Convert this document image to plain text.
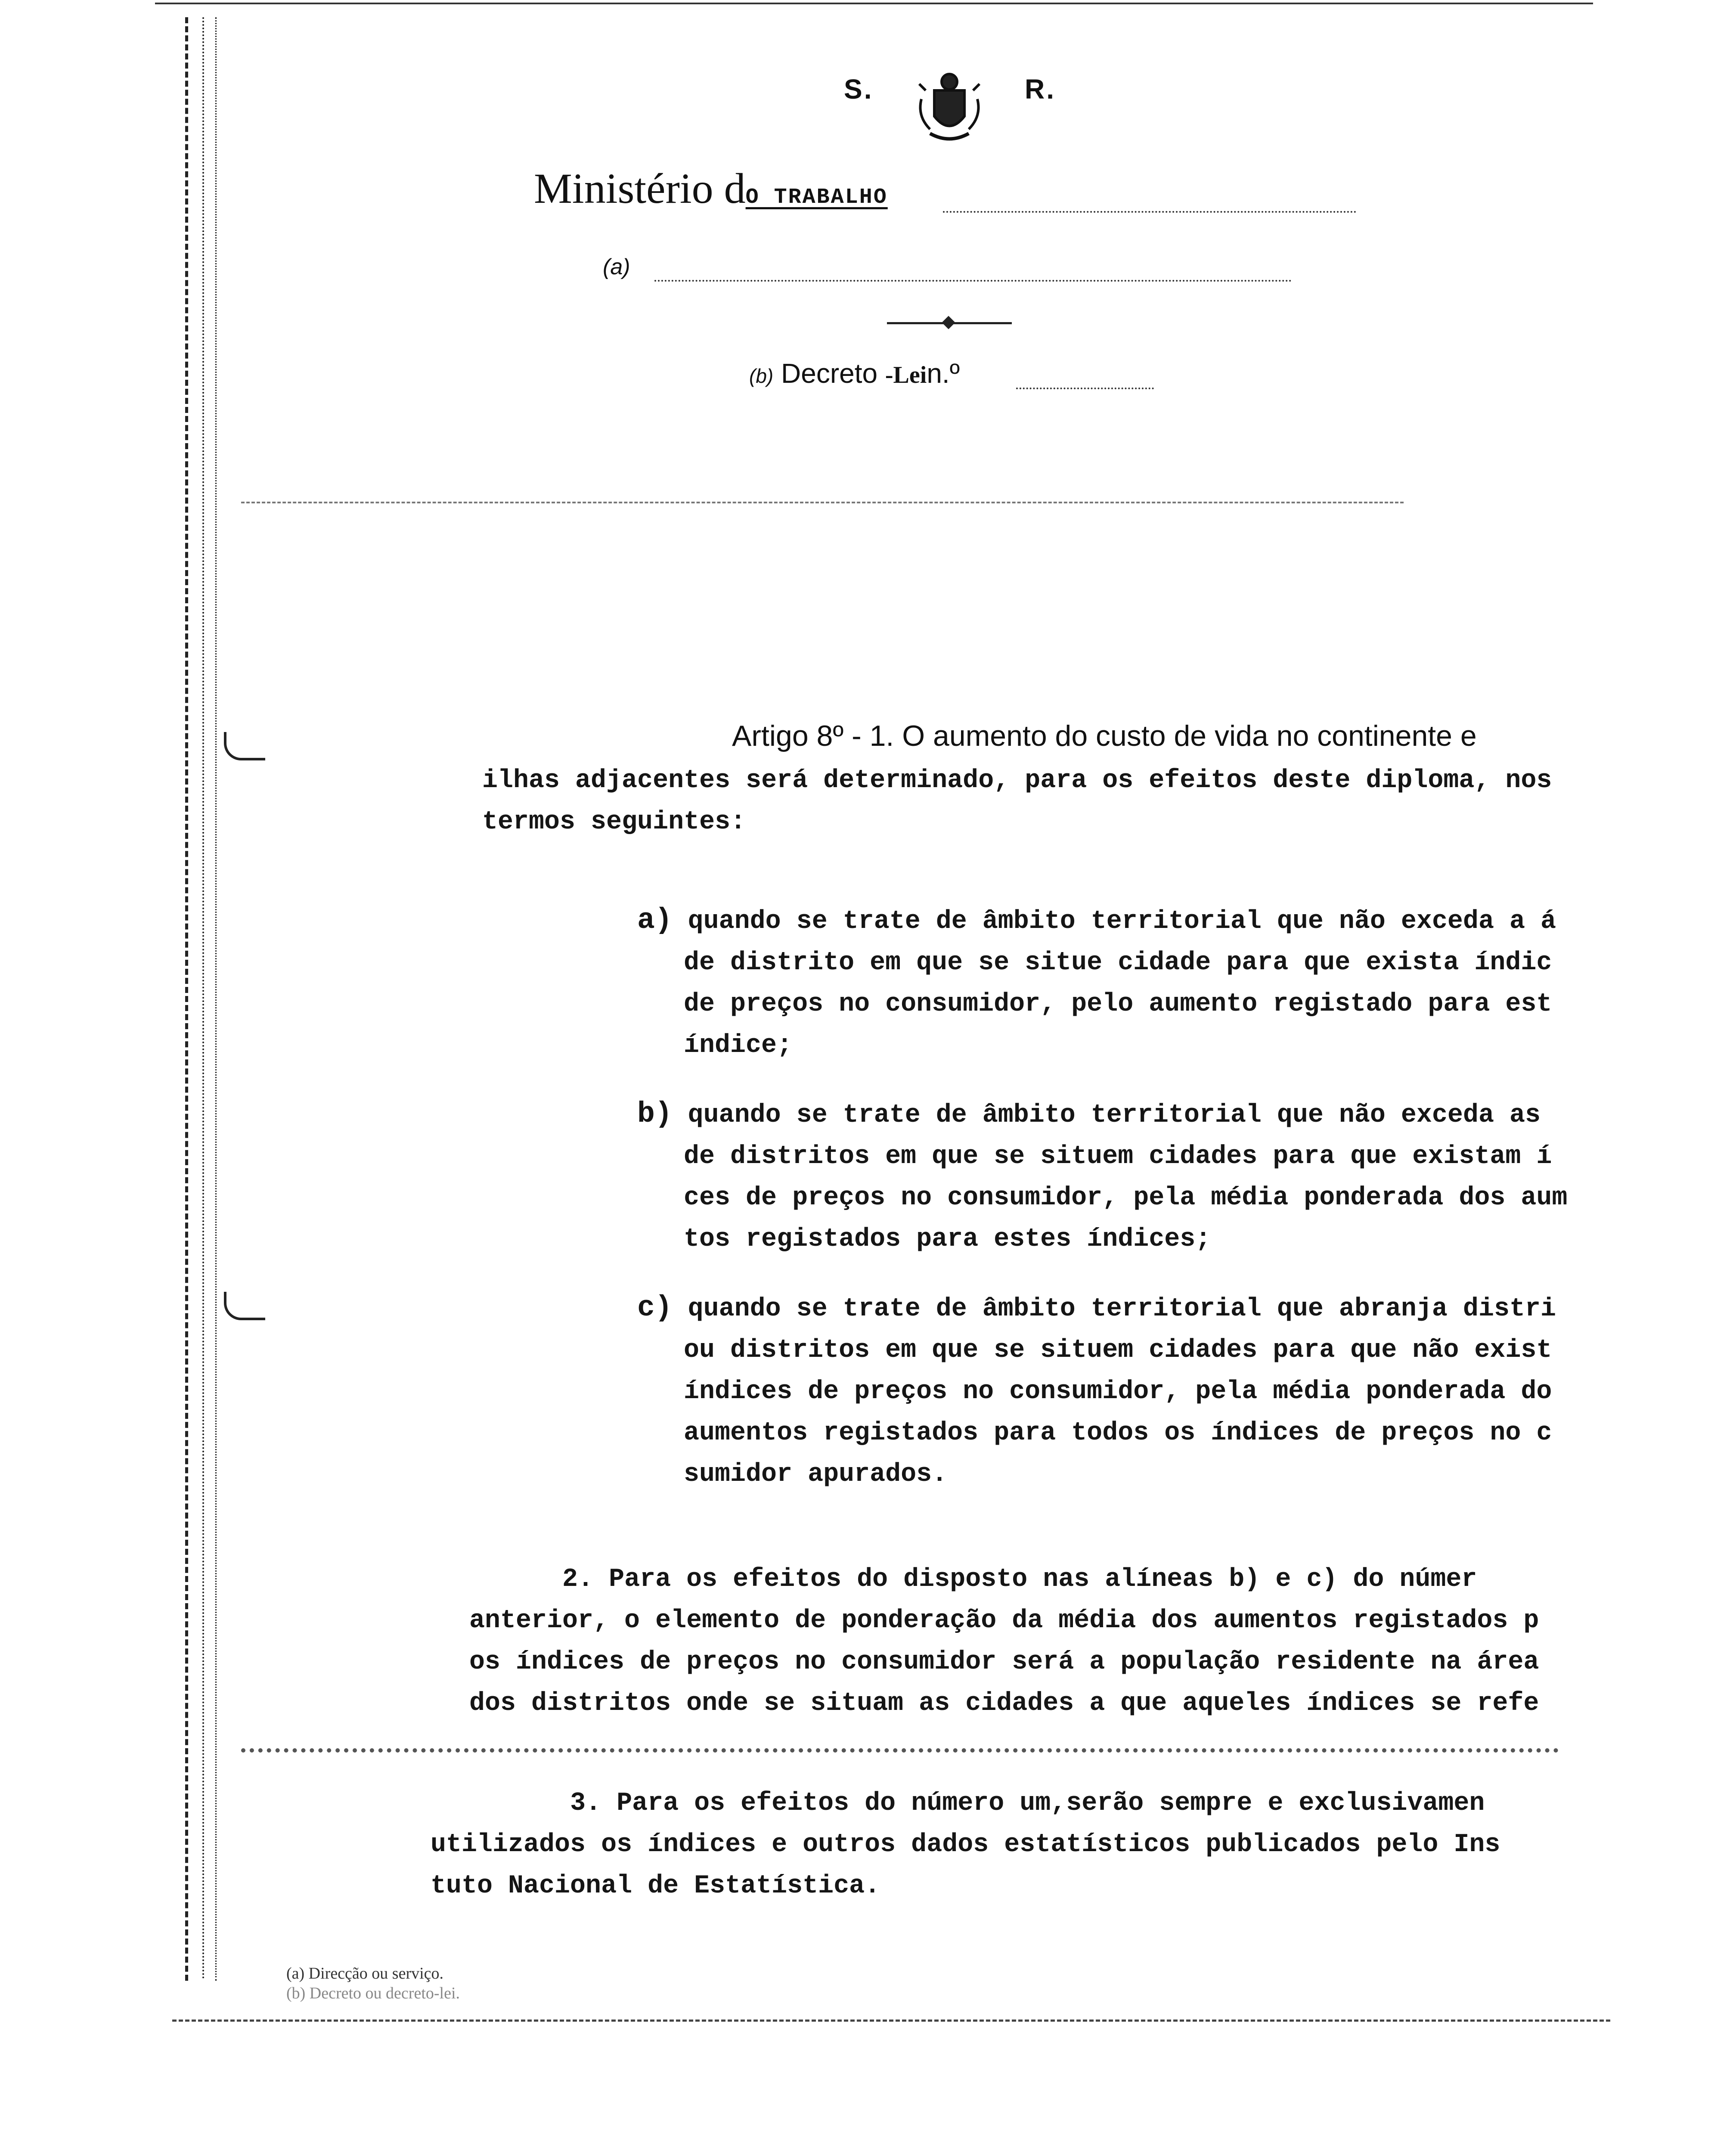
S.	R.
Ministério dO TRABALHO
(a)
(b) Decreto -Lein.º
Artigo 8º - 1. O aumento do custo de vida no continente e
ilhas adjacentes será determinado, para os efeitos deste diploma, nos
termos seguintes:
a) quando se trate de âmbito territorial que não exceda a á
de distrito em que se situe cidade para que exista índic
de preços no consumidor, pelo aumento registado para est
índice;
b) quando se trate de âmbito territorial que não exceda as
de distritos em que se situem cidades para que existam í
ces de preços no consumidor, pela média ponderada dos aum
tos registados para estes índices;
c) quando se trate de âmbito territorial que abranja distri
ou distritos em que se situem cidades para que não exist
índices de preços no consumidor, pela média ponderada do
aumentos registados para todos os índices de preços no c
sumidor apurados.
2. Para os efeitos do disposto nas alíneas b) e c) do númer
anterior, o elemento de ponderação da média dos aumentos registados p
os índices de preços no consumidor será a população residente na área
dos distritos onde se situam as cidades a que aqueles índices se refe
3. Para os efeitos do número um,serão sempre e exclusivamen
utilizados os índices e outros dados estatísticos publicados pelo Ins
tuto Nacional de Estatística.
(a) Direcção ou serviço.
(b) Decreto ou decreto-lei.
